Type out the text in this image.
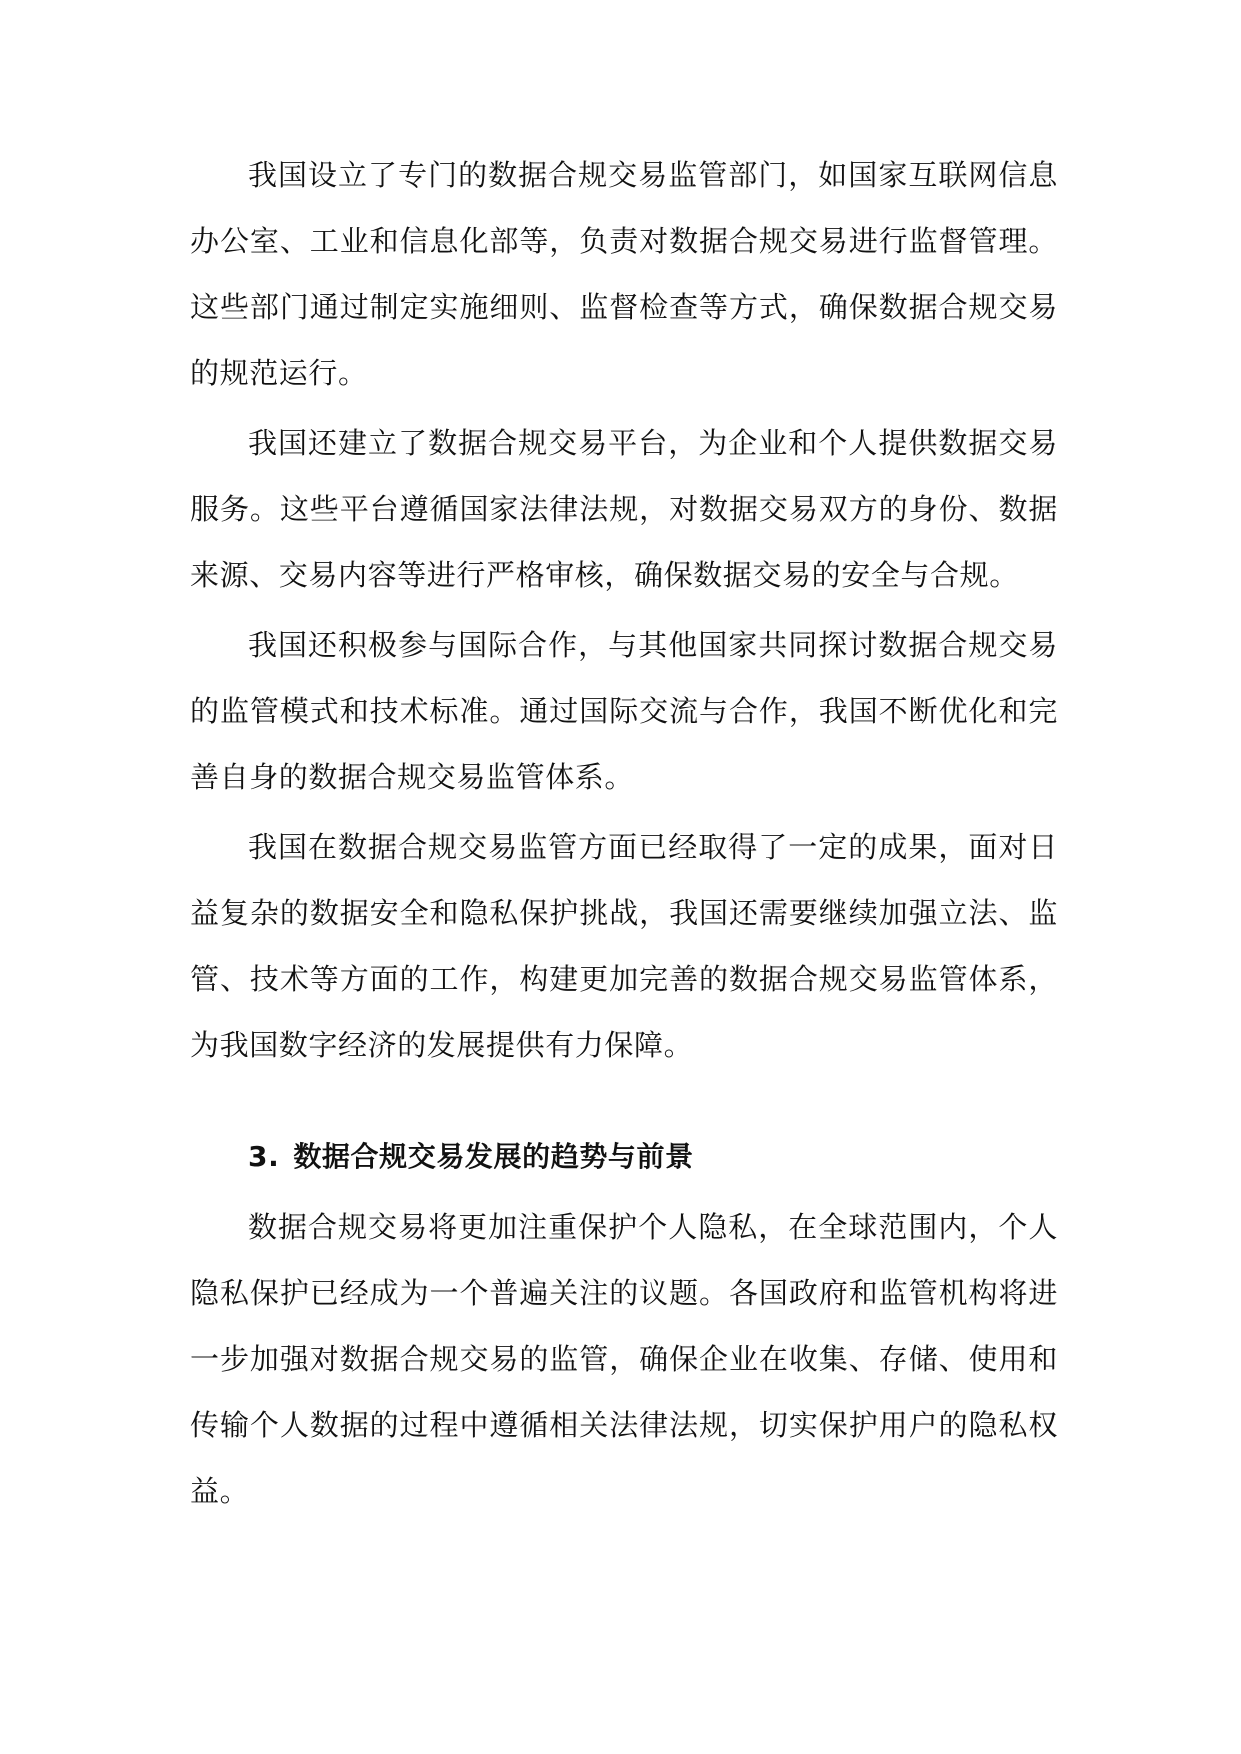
我国设立了专门的数据合规交易监管部门，如国家互联网信息办公室、工业和信息化部等，负责对数据合规交易进行监督管理。这些部门通过制定实施细则、监督检查等方式，确保数据合规交易的规范运行。

我国还建立了数据合规交易平台，为企业和个人提供数据交易服务。这些平台遵循国家法律法规，对数据交易双方的身份、数据来源、交易内容等进行严格审核，确保数据交易的安全与合规。

我国还积极参与国际合作，与其他国家共同探讨数据合规交易的监管模式和技术标准。通过国际交流与合作，我国不断优化和完善自身的数据合规交易监管体系。

我国在数据合规交易监管方面已经取得了一定的成果，面对日益复杂的数据安全和隐私保护挑战，我国还需要继续加强立法、监管、技术等方面的工作，构建更加完善的数据合规交易监管体系，为我国数字经济的发展提供有力保障。

3. 数据合规交易发展的趋势与前景

数据合规交易将更加注重保护个人隐私，在全球范围内，个人隐私保护已经成为一个普遍关注的议题。各国政府和监管机构将进一步加强对数据合规交易的监管，确保企业在收集、存储、使用和传输个人数据的过程中遵循相关法律法规，切实保护用户的隐私权益。
